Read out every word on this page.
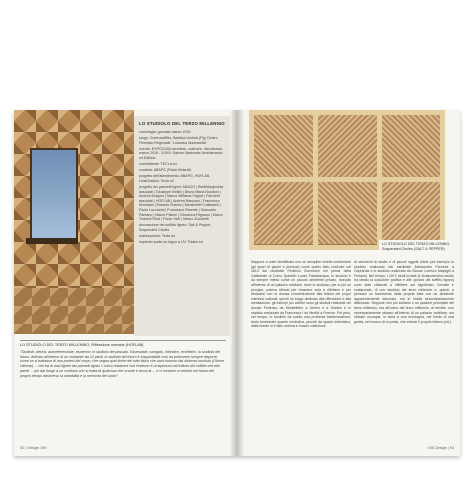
LO STUDIOLO DEL TERZO MILLENNIO
cronologia: gennaio-marzo 2016
luogo: Controsoffitto, Basilica Umbria (Pg) Centro Fieristico Regionale "Ludovica Mazzarella"
evento: EXPOCASA arredare, costruire, ristrutturare, marzo 2016 - XXXIV Salone Nazionale Arredamento ed Edilizia
committente: TECLA srl
curatela: ABAPG (Paolo Belardi)
progetto dell'allestimento: ABAPG, HOFLAB, LiviaGiadica, Tecla srl
progetto dei pannelli lignei: ABACO | BeldiMargherita associati | Giuseppe Bellini | Bruno Maria Boccioni | Andrea Dragoni | Marco Williams Fagioli | Falchetti associati | HOFLAB | Andrea Marcucci | Francesco Mondaini | Roberto Rubino | Menichetti+Cafasselli | Paolo Lucciarini | Francesco Parente | Giancarlo Pantano | Marco Pistoni | Giovanna Rignano | Marco Tortoioli Ricci | Paolo Vinti | Mauro Zucchetti
decorazione del soffitto ligneo: Sali & Pepper, Suspended Circles
realizzazione: Tecla srl
impianto audio su legno a UV: Tolaini srl
LO STUDIOLO DEL TERZO MILLENNIO, Riflessione nomade (HOFLAB)
"Studiolo, deriva, autoreferenziale, esoterico: lo studiolo del passato. Essenziale, navigato, intrinsico, ecclettico: lo studiolo del futuro. Attivato all'interno di un container da 12 piedi, lo studiolo del futuro è trasportabile così da potersene sempre disporre, come se si trattasse di una protesi del corpo, che segna quel limite del tutto fisico che sarà rimosso dal sistema ossoluto (Ottone Vallone) ... che tra le assi lignee dei pannelli lignei. L'unica relazione con l'esterno è un'apertura nell'infinito del soffitto che alle pareti ... per dar luogo a un continuo che si tratta di qualcosa che scuote e tocca la ... e ci conduce a vederlo nel futuro del proprio tempo attraverso la variabilità e la memoria del vuoto"
92 | Design 196
LO STUDIOLO DEL TERZO MILLENNIO, Suspended Circles (SALT & PEPPER)
Neppure a volte identificato con un semplice mobile-contenitore (gli spazi di giochi e preziosi) come quello fatto costruire nel 1613 dal cardinale Federico Borromeo nel pressi della Cattedrale di Como Quintilio Lucini Passalacqua, lo studiolo è da sempre inteso come un piccolo ambiente privato, ricavato all'interno di un palazzo nobiliare, dove lo studioso, per lo più un principe, poteva ritirarsi per rimanere solo a riflettere e per dedicarsi con la dovuta concentrazione alla lettura dei propri interessi culturali, quindi un luogo dedicato alla riflessione e alla meditazione: gli esempi più celebri sono gli studioli realizzati nel ducato Federico da Montefeltro a Urbino e a Gubbio e lo studiolo realizzato da Francesco I de Medici a Firenze. Poi però, nel tempo, lo studiolo ha subito una profonda trasformazione, tanto funzionale quanto simbolica, perché da spazio intimistico, dalla mente si è fatto vetrina e museo collezione
di strumenti di studio e di piccoli oggetti d'arte (ad esempio lo studiolo realizzato dal cardinale Alessandro Farnese a Caprarola e lo studiolo realizzato da Giovan Lorenzo Malpighi a Ferrara). Nel tempo, i 18+1 studi invitati (il dicianovesimo studio ha ideato la soluzione grafica e alle opzioni del soffitto ligneo) sono stati chiamati a riflettere sul significato, formale e sostanziale, di uno studiolo del terzo millennio e, quindi, a pensare un frammento della propria idea con un ambiente apparentemente decorato, ma in realtà straordinariamente attrezzato. Neppure non più solitario e un qualche principale del terzo millennio, ma all'uomo del terzo millennio, ai rendite, non necessariamente ubicato all'interno di un palazzo nobiliare, ma ubicato ovunque, in cima a una montagna, nel fondo di una grotta, nel mezzo di un prato, che chiude il proprio interno [cit.]
196 Design | 93
